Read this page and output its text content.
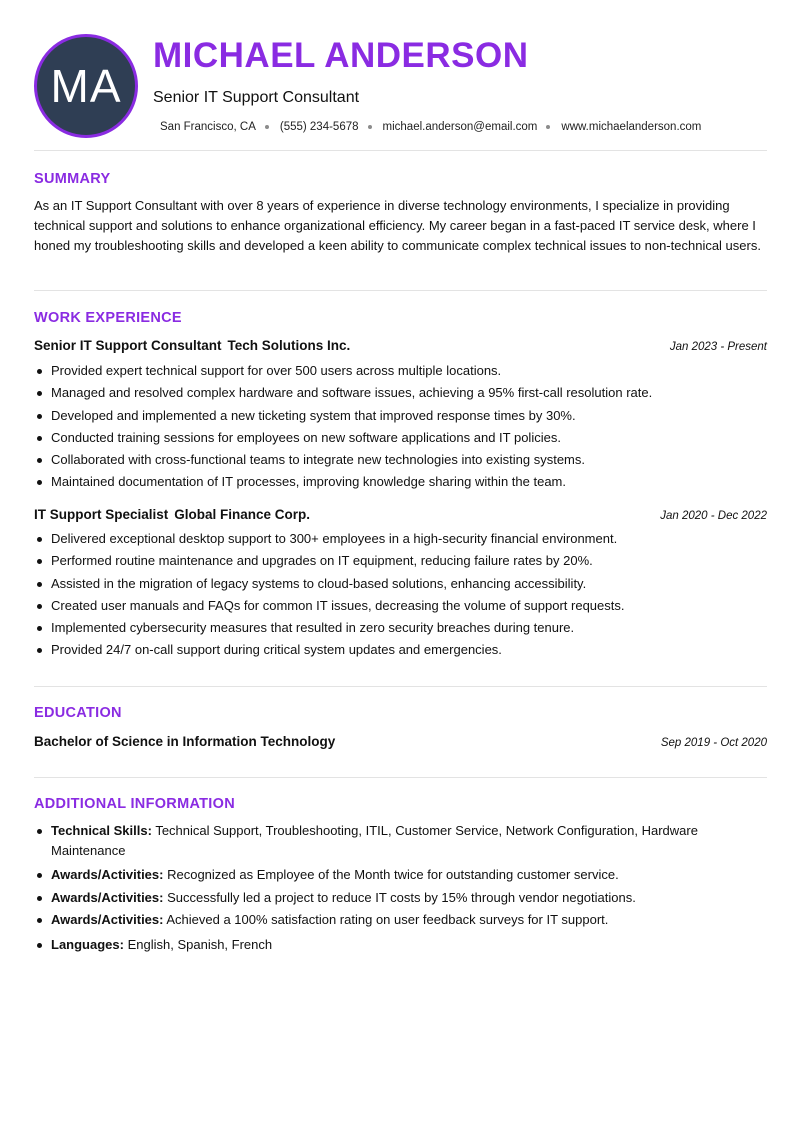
MA
MICHAEL ANDERSON
Senior IT Support Consultant
San Francisco, CA (555) 234-5678 michael.anderson@email.com www.michaelanderson.com
SUMMARY
As an IT Support Consultant with over 8 years of experience in diverse technology environments, I specialize in providing technical support and solutions to enhance organizational efficiency. My career began in a fast-paced IT service desk, where I honed my troubleshooting skills and developed a keen ability to communicate complex technical issues to non-technical users.
WORK EXPERIENCE
Senior IT Support Consultant Tech Solutions Inc.	Jan 2023 - Present
Provided expert technical support for over 500 users across multiple locations.
Managed and resolved complex hardware and software issues, achieving a 95% first-call resolution rate.
Developed and implemented a new ticketing system that improved response times by 30%.
Conducted training sessions for employees on new software applications and IT policies.
Collaborated with cross-functional teams to integrate new technologies into existing systems.
Maintained documentation of IT processes, improving knowledge sharing within the team.
IT Support Specialist Global Finance Corp.	Jan 2020 - Dec 2022
Delivered exceptional desktop support to 300+ employees in a high-security financial environment.
Performed routine maintenance and upgrades on IT equipment, reducing failure rates by 20%.
Assisted in the migration of legacy systems to cloud-based solutions, enhancing accessibility.
Created user manuals and FAQs for common IT issues, decreasing the volume of support requests.
Implemented cybersecurity measures that resulted in zero security breaches during tenure.
Provided 24/7 on-call support during critical system updates and emergencies.
EDUCATION
Bachelor of Science in Information Technology	Sep 2019 - Oct 2020
ADDITIONAL INFORMATION
Technical Skills: Technical Support, Troubleshooting, ITIL, Customer Service, Network Configuration, Hardware Maintenance
Awards/Activities: Recognized as Employee of the Month twice for outstanding customer service.
Awards/Activities: Successfully led a project to reduce IT costs by 15% through vendor negotiations.
Awards/Activities: Achieved a 100% satisfaction rating on user feedback surveys for IT support.
Languages: English, Spanish, French
